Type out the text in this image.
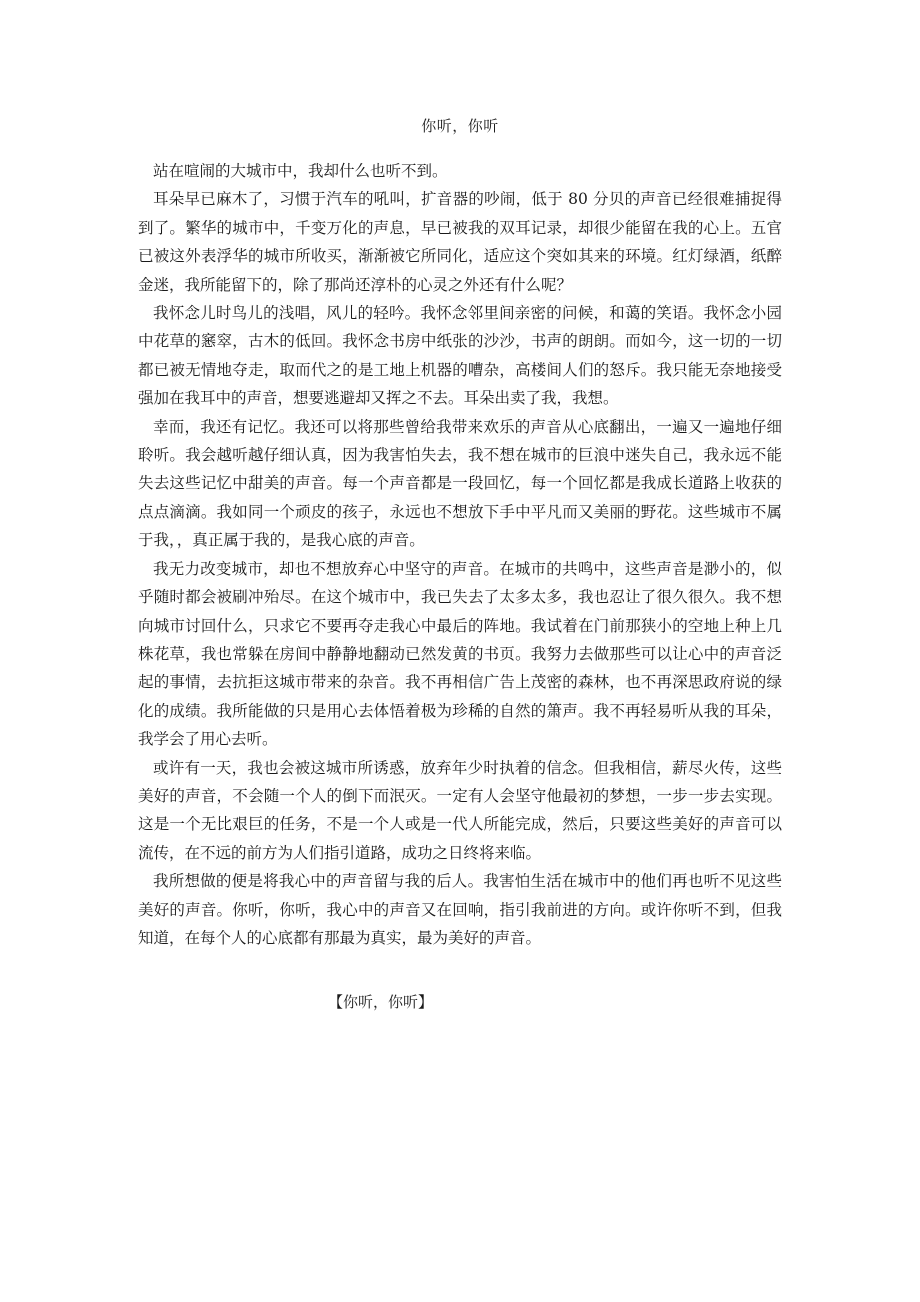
你听，你听

站在喧闹的大城市中，我却什么也听不到。

耳朵早已麻木了，习惯于汽车的吼叫，扩音器的吵闹，低于 80 分贝的声音已经很难捕捉得到了。繁华的城市中，千变万化的声息，早已被我的双耳记录，却很少能留在我的心上。五官已被这外表浮华的城市所收买，渐渐被它所同化，适应这个突如其来的环境。红灯绿酒，纸醉金迷，我所能留下的，除了那尚还淳朴的心灵之外还有什么呢？

我怀念儿时鸟儿的浅唱，风儿的轻吟。我怀念邻里间亲密的问候，和蔼的笑语。我怀念小园中花草的窸窣，古木的低回。我怀念书房中纸张的沙沙，书声的朗朗。而如今，这一切的一切都已被无情地夺走，取而代之的是工地上机器的嘈杂，高楼间人们的怒斥。我只能无奈地接受强加在我耳中的声音，想要逃避却又挥之不去。耳朵出卖了我，我想。

幸而，我还有记忆。我还可以将那些曾给我带来欢乐的声音从心底翻出，一遍又一遍地仔细聆听。我会越听越仔细认真，因为我害怕失去，我不想在城市的巨浪中迷失自己，我永远不能失去这些记忆中甜美的声音。每一个声音都是一段回忆，每一个回忆都是我成长道路上收获的点点滴滴。我如同一个顽皮的孩子，永远也不想放下手中平凡而又美丽的野花。这些城市不属于我，，真正属于我的，是我心底的声音。

我无力改变城市，却也不想放弃心中坚守的声音。在城市的共鸣中，这些声音是渺小的，似乎随时都会被刷冲殆尽。在这个城市中，我已失去了太多太多，我也忍让了很久很久。我不想向城市讨回什么，只求它不要再夺走我心中最后的阵地。我试着在门前那狭小的空地上种上几株花草，我也常躲在房间中静静地翻动已然发黄的书页。我努力去做那些可以让心中的声音泛起的事情，去抗拒这城市带来的杂音。我不再相信广告上茂密的森林，也不再深思政府说的绿化的成绩。我所能做的只是用心去体悟着极为珍稀的自然的箫声。我不再轻易听从我的耳朵，我学会了用心去听。

或许有一天，我也会被这城市所诱惑，放弃年少时执着的信念。但我相信，薪尽火传，这些美好的声音，不会随一个人的倒下而泯灭。一定有人会坚守他最初的梦想，一步一步去实现。这是一个无比艰巨的任务，不是一个人或是一代人所能完成，然后，只要这些美好的声音可以流传，在不远的前方为人们指引道路，成功之日终将来临。

我所想做的便是将我心中的声音留与我的后人。我害怕生活在城市中的他们再也听不见这些美好的声音。你听，你听，我心中的声音又在回响，指引我前进的方向。或许你听不到，但我知道，在每个人的心底都有那最为真实，最为美好的声音。

【你听，你听】
